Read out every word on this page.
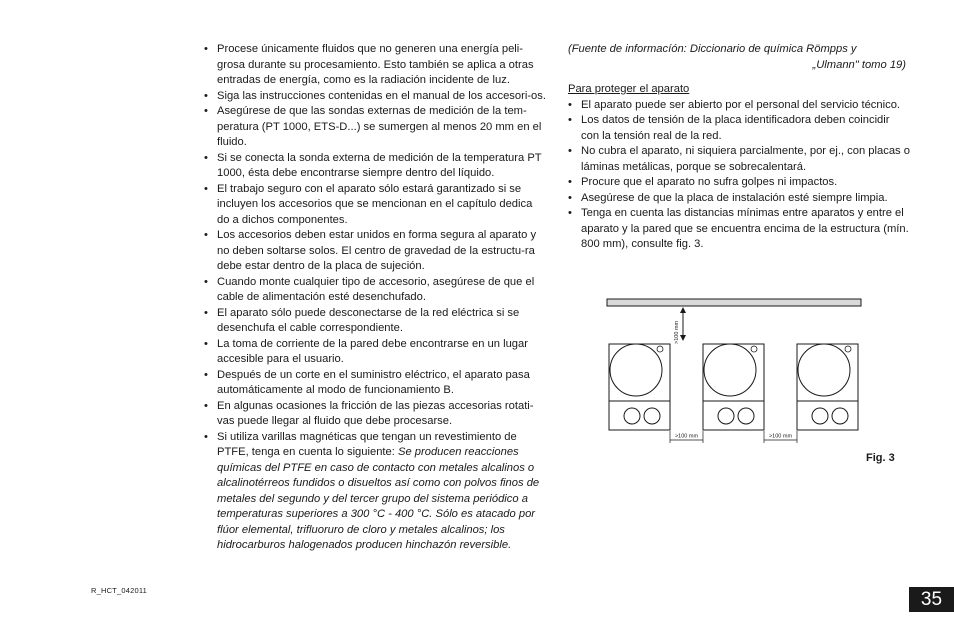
• Procese únicamente fluidos que no generen una energía peli-grosa durante su procesamiento. Esto también se aplica a otras entradas de energía, como es la radiación incidente de luz.
• Siga las instrucciones contenidas en el manual de los accesori-os.
• Asegúrese de que las sondas externas de medición de la tem-peratura (PT 1000, ETS-D...) se sumergen al menos 20 mm en el fluido.
• Si se conecta la sonda externa de medición de la temperatura PT 1000, ésta debe encontrarse siempre dentro del líquido.
• El trabajo seguro con el aparato sólo estará garantizado si se incluyen los accesorios que se mencionan en el capítulo dedica do a dichos componentes.
• Los accesorios deben estar unidos en forma segura al aparato y no deben soltarse solos. El centro de gravedad de la estructu-ra debe estar dentro de la placa de sujeción.
• Cuando monte cualquier tipo de accesorio, asegúrese de que el cable de alimentación esté desenchufado.
• El aparato sólo puede desconectarse de la red eléctrica si se desenchufa el cable correspondiente.
• La toma de corriente de la pared debe encontrarse en un lugar accesible para el usuario.
• Después de un corte en el suministro eléctrico, el aparato pasa automáticamente al modo de funcionamiento B.
• En algunas ocasiones la fricción de las piezas accesorias rotati-vas puede llegar al fluido que debe procesarse.
• Si utiliza varillas magnéticas que tengan un revestimiento de PTFE, tenga en cuenta lo siguiente: Se producen reacciones químicas del PTFE en caso de contacto con metales alcalinos o alcalinotérreos fundidos o disueltos así como con polvos finos de metales del segundo y del tercer grupo del sistema periódico a temperaturas superiores a 300 °C - 400 °C. Sólo es atacado por flúor elemental, trifluoruro de cloro y metales alcalinos; los hidrocarburos halogenados producen hinchazón reversible.
(Fuente de informacíón: Diccionario de química Römpps y
„Ulmann" tomo 19)
Para proteger el aparato
• El aparato puede ser abierto por el personal del servicio técnico.
• Los datos de tensión de la placa identificadora deben coincidir con la tensión real de la red.
• No cubra el aparato, ni siquiera parcialmente, por ej., con placas o láminas metálicas, porque se sobrecalentará.
• Procure que el aparato no sufra golpes ni impactos.
• Asegúrese de que la placa de instalación esté siempre limpia.
• Tenga en cuenta las distancias mínimas entre aparatos y entre el aparato y la pared que se encuentra encima de la estructura (mín. 800 mm), consulte fig. 3.
>100 mm
>100 mm	>100 mm
Fig. 3
R_HCT_042011	35
